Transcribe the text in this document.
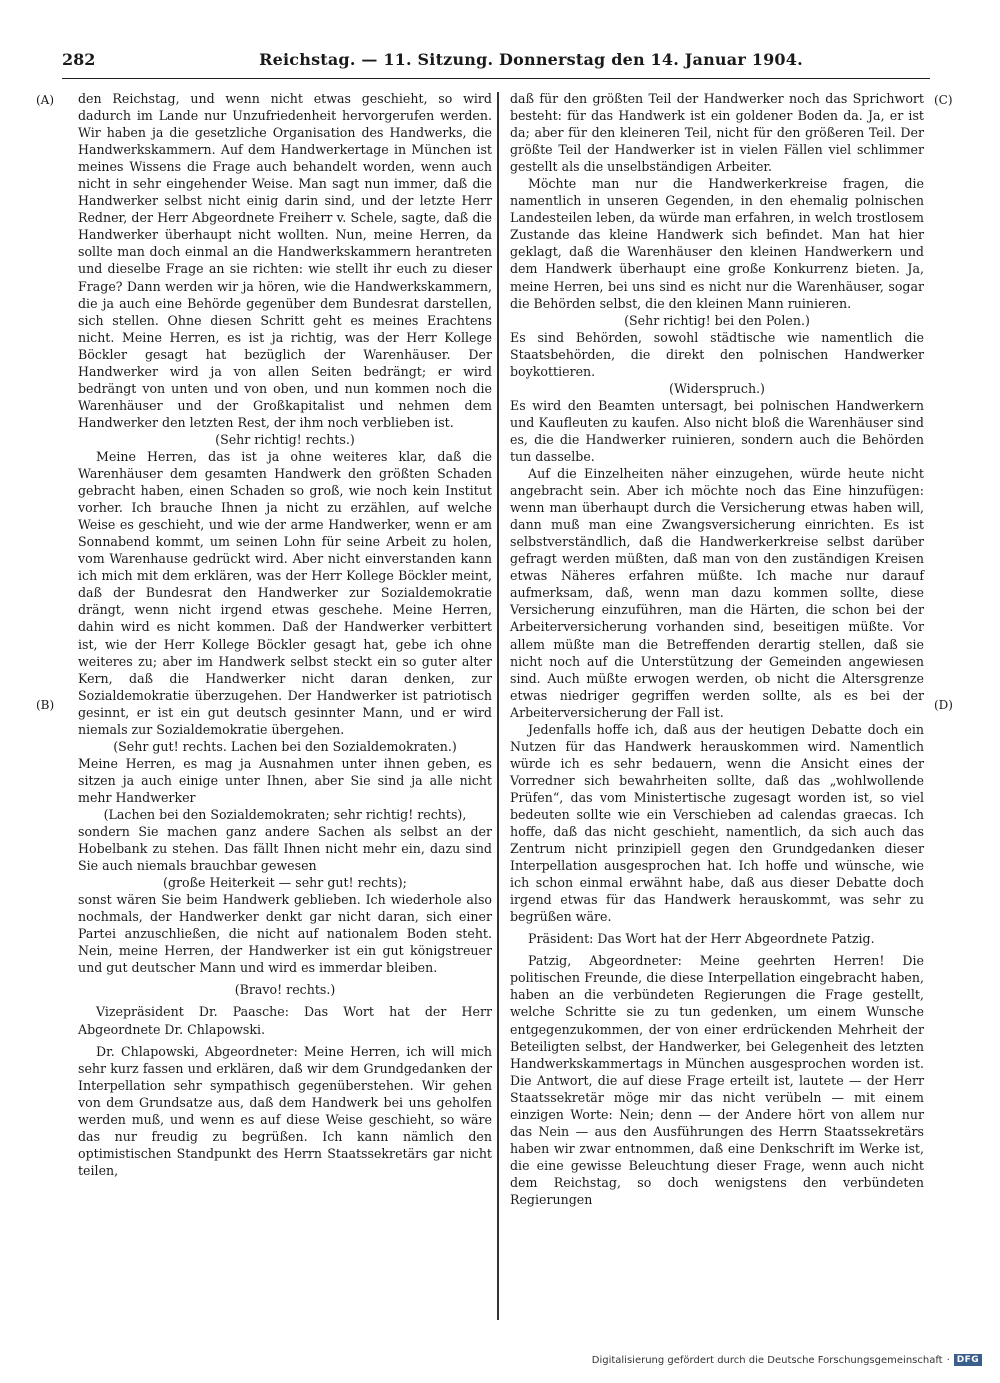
282	Reichstag. — 11. Sitzung. Donnerstag den 14. Januar 1904.
(A)
(B)
(C)
(D)

den Reichstag, und wenn nicht etwas geschieht, so wird dadurch im Lande nur Unzufriedenheit hervorgerufen werden. Wir haben ja die gesetzliche Organisation des Handwerks, die Handwerkskammern. Auf dem Handwerkertage in München ist meines Wissens die Frage auch behandelt worden, wenn auch nicht in sehr eingehender Weise. Man sagt nun immer, daß die Handwerker selbst nicht einig darin sind, und der letzte Herr Redner, der Herr Abgeordnete Freiherr v. Schele, sagte, daß die Handwerker überhaupt nicht wollten. Nun, meine Herren, da sollte man doch einmal an die Handwerkskammern herantreten und dieselbe Frage an sie richten: wie stellt ihr euch zu dieser Frage? Dann werden wir ja hören, wie die Handwerkskammern, die ja auch eine Behörde gegenüber dem Bundesrat darstellen, sich stellen. Ohne diesen Schritt geht es meines Erachtens nicht. Meine Herren, es ist ja richtig, was der Herr Kollege Böckler gesagt hat bezüglich der Warenhäuser. Der Handwerker wird ja von allen Seiten bedrängt; er wird bedrängt von unten und von oben, und nun kommen noch die Warenhäuser und der Großkapitalist und nehmen dem Handwerker den letzten Rest, der ihm noch verblieben ist.

(Sehr richtig! rechts.)

Meine Herren, das ist ja ohne weiteres klar, daß die Warenhäuser dem gesamten Handwerk den größten Schaden gebracht haben, einen Schaden so groß, wie noch kein Institut vorher. Ich brauche Ihnen ja nicht zu erzählen, auf welche Weise es geschieht, und wie der arme Handwerker, wenn er am Sonnabend kommt, um seinen Lohn für seine Arbeit zu holen, vom Warenhause gedrückt wird. Aber nicht einverstanden kann ich mich mit dem erklären, was der Herr Kollege Böckler meint, daß der Bundesrat den Handwerker zur Sozialdemokratie drängt, wenn nicht irgend etwas geschehe. Meine Herren, dahin wird es nicht kommen. Daß der Handwerker verbittert ist, wie der Herr Kollege Böckler gesagt hat, gebe ich ohne weiteres zu; aber im Handwerk selbst steckt ein so guter alter Kern, daß die Handwerker nicht daran denken, zur Sozialdemokratie überzugehen. Der Handwerker ist patriotisch gesinnt, er ist ein gut deutsch gesinnter Mann, und er wird niemals zur Sozialdemokratie übergehen.

(Sehr gut! rechts. Lachen bei den Sozialdemokraten.)

Meine Herren, es mag ja Ausnahmen unter ihnen geben, es sitzen ja auch einige unter Ihnen, aber Sie sind ja alle nicht mehr Handwerker

(Lachen bei den Sozialdemokraten; sehr richtig! rechts),

sondern Sie machen ganz andere Sachen als selbst an der Hobelbank zu stehen. Das fällt Ihnen nicht mehr ein, dazu sind Sie auch niemals brauchbar gewesen

(große Heiterkeit — sehr gut! rechts);

sonst wären Sie beim Handwerk geblieben. Ich wiederhole also nochmals, der Handwerker denkt gar nicht daran, sich einer Partei anzuschließen, die nicht auf nationalem Boden steht. Nein, meine Herren, der Handwerker ist ein gut königstreuer und gut deutscher Mann und wird es immerdar bleiben.

(Bravo! rechts.)

Vizepräsident Dr. Paasche: Das Wort hat der Herr Abgeordnete Dr. Chlapowski.

Dr. Chlapowski, Abgeordneter: Meine Herren, ich will mich sehr kurz fassen und erklären, daß wir dem Grundgedanken der Interpellation sehr sympathisch gegenüberstehen. Wir gehen von dem Grundsatze aus, daß dem Handwerk bei uns geholfen werden muß, und wenn es auf diese Weise geschieht, so wäre das nur freudig zu begrüßen. Ich kann nämlich den optimistischen Standpunkt des Herrn Staatssekretärs gar nicht teilen,

daß für den größten Teil der Handwerker noch das Sprichwort besteht: für das Handwerk ist ein goldener Boden da. Ja, er ist da; aber für den kleineren Teil, nicht für den größeren Teil. Der größte Teil der Handwerker ist in vielen Fällen viel schlimmer gestellt als die unselbständigen Arbeiter.

Möchte man nur die Handwerkerkreise fragen, die namentlich in unseren Gegenden, in den ehemalig polnischen Landesteilen leben, da würde man erfahren, in welch trostlosem Zustande das kleine Handwerk sich befindet. Man hat hier geklagt, daß die Warenhäuser den kleinen Handwerkern und dem Handwerk überhaupt eine große Konkurrenz bieten. Ja, meine Herren, bei uns sind es nicht nur die Warenhäuser, sogar die Behörden selbst, die den kleinen Mann ruinieren.

(Sehr richtig! bei den Polen.)

Es sind Behörden, sowohl städtische wie namentlich die Staatsbehörden, die direkt den polnischen Handwerker boykottieren.

(Widerspruch.)

Es wird den Beamten untersagt, bei polnischen Handwerkern und Kaufleuten zu kaufen. Also nicht bloß die Warenhäuser sind es, die die Handwerker ruinieren, sondern auch die Behörden tun dasselbe.

Auf die Einzelheiten näher einzugehen, würde heute nicht angebracht sein. Aber ich möchte noch das Eine hinzufügen: wenn man überhaupt durch die Versicherung etwas haben will, dann muß man eine Zwangsversicherung einrichten. Es ist selbstverständlich, daß die Handwerkerkreise selbst darüber gefragt werden müßten, daß man von den zuständigen Kreisen etwas Näheres erfahren müßte. Ich mache nur darauf aufmerksam, daß, wenn man dazu kommen sollte, diese Versicherung einzuführen, man die Härten, die schon bei der Arbeiterversicherung vorhanden sind, beseitigen müßte. Vor allem müßte man die Betreffenden derartig stellen, daß sie nicht noch auf die Unterstützung der Gemeinden angewiesen sind. Auch müßte erwogen werden, ob nicht die Altersgrenze etwas niedriger gegriffen werden sollte, als es bei der Arbeiterversicherung der Fall ist.

Jedenfalls hoffe ich, daß aus der heutigen Debatte doch ein Nutzen für das Handwerk herauskommen wird. Namentlich würde ich es sehr bedauern, wenn die Ansicht eines der Vorredner sich bewahrheiten sollte, daß das „wohlwollende Prüfen“, das vom Ministertische zugesagt worden ist, so viel bedeuten sollte wie ein Verschieben ad calendas graecas. Ich hoffe, daß das nicht geschieht, namentlich, da sich auch das Zentrum nicht prinzipiell gegen den Grundgedanken dieser Interpellation ausgesprochen hat. Ich hoffe und wünsche, wie ich schon einmal erwähnt habe, daß aus dieser Debatte doch irgend etwas für das Handwerk herauskommt, was sehr zu begrüßen wäre.

Präsident: Das Wort hat der Herr Abgeordnete Patzig.

Patzig, Abgeordneter: Meine geehrten Herren! Die politischen Freunde, die diese Interpellation eingebracht haben, haben an die verbündeten Regierungen die Frage gestellt, welche Schritte sie zu tun gedenken, um einem Wunsche entgegenzukommen, der von einer erdrückenden Mehrheit der Beteiligten selbst, der Handwerker, bei Gelegenheit des letzten Handwerkskammertags in München ausgesprochen worden ist. Die Antwort, die auf diese Frage erteilt ist, lautete — der Herr Staatssekretär möge mir das nicht verübeln — mit einem einzigen Worte: Nein; denn — der Andere hört von allem nur das Nein — aus den Ausführungen des Herrn Staatssekretärs haben wir zwar entnommen, daß eine Denkschrift im Werke ist, die eine gewisse Beleuchtung dieser Frage, wenn auch nicht dem Reichstag, so doch wenigstens den verbündeten Regierungen

Digitalisierung gefördert durch die Deutsche Forschungsgemeinschaft · DFG
